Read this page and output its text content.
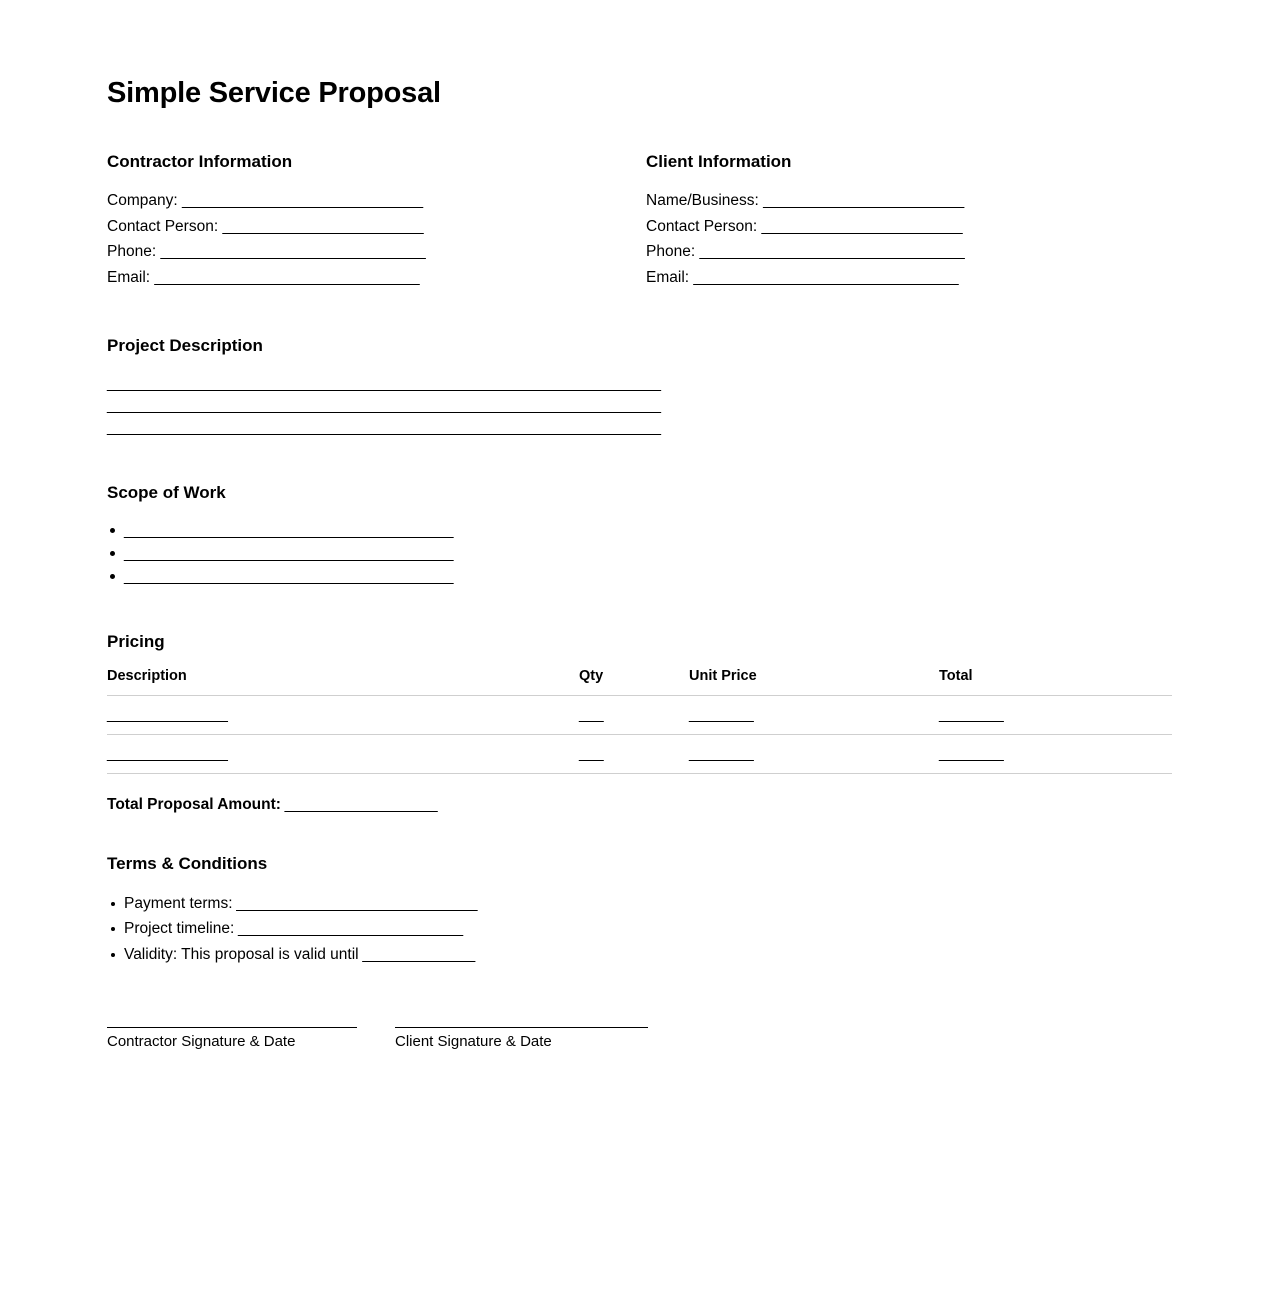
Simple Service Proposal
Contractor Information
Company: ______________________________
Contact Person: _________________________
Phone: _________________________________
Email: _________________________________
Client Information
Name/Business: _________________________
Contact Person: _________________________
Phone: _________________________________
Email: _________________________________
Project Description
_____________________________________________________________________
_____________________________________________________________________
_____________________________________________________________________
Scope of Work
_________________________________________
_________________________________________
_________________________________________
Pricing
Description	Qty	Unit Price	Total
_______________	___	________	________
_______________	___	________	________
Total Proposal Amount: ___________________
Terms & Conditions
Payment terms: ______________________________
Project timeline: ____________________________
Validity: This proposal is valid until ______________
Contractor Signature & Date	Client Signature & Date
